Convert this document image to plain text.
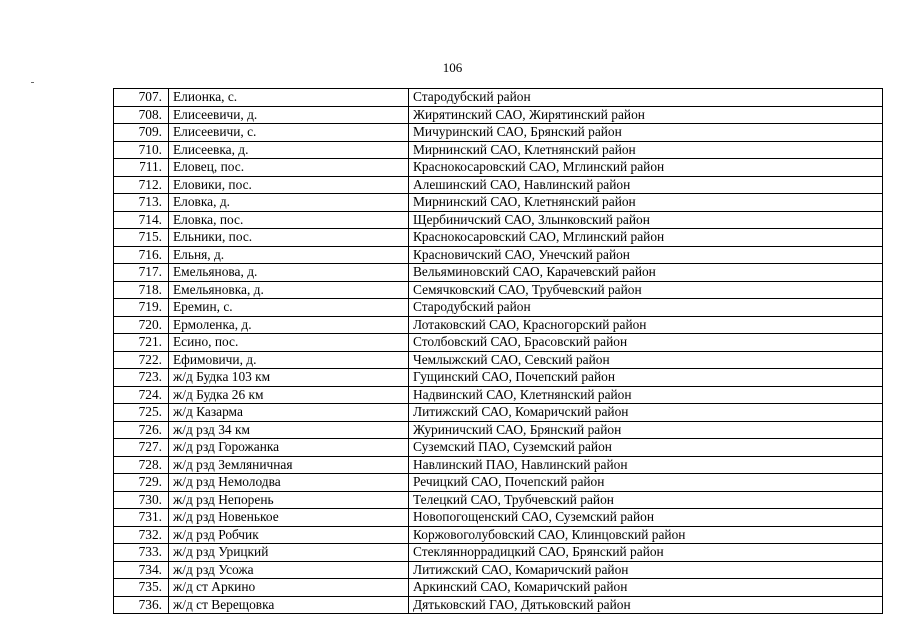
106
707.	Елионка, с.	Стародубский район
708.	Елисеевичи, д.	Жирятинский САО, Жирятинский район
709.	Елисеевичи, с.	Мичуринский САО, Брянский район
710.	Елисеевка, д.	Мирнинский САО, Клетнянский район
711.	Еловец, пос.	Краснокосаровский САО, Мглинский район
712.	Еловики, пос.	Алешинский САО, Навлинский район
713.	Еловка, д.	Мирнинский САО, Клетнянский район
714.	Еловка, пос.	Щербиничский САО, Злынковский район
715.	Ельники, пос.	Краснокосаровский САО, Мглинский район
716.	Ельня, д.	Красновичский САО, Унечский район
717.	Емельянова, д.	Вельяминовский САО, Карачевский район
718.	Емельяновка, д.	Семячковский САО, Трубчевский район
719.	Еремин, с.	Стародубский район
720.	Ермоленка, д.	Лотаковский САО, Красногорский район
721.	Есино, пос.	Столбовский САО, Брасовский район
722.	Ефимовичи, д.	Чемлыжский САО, Севский район
723.	ж/д Будка 103 км	Гущинский САО, Почепский район
724.	ж/д Будка 26 км	Надвинский САО, Клетнянский район
725.	ж/д Казарма	Литижский САО, Комаричский район
726.	ж/д рзд 34 км	Журиничский САО, Брянский район
727.	ж/д рзд Горожанка	Суземский ПАО, Суземский район
728.	ж/д рзд Земляничная	Навлинский ПАО, Навлинский район
729.	ж/д рзд Немолодва	Речицкий САО, Почепский район
730.	ж/д рзд Непорень	Телецкий САО, Трубчевский район
731.	ж/д рзд Новенькое	Новопогощенский САО, Суземский район
732.	ж/д рзд Робчик	Коржовоголубовский САО, Клинцовский район
733.	ж/д рзд Урицкий	Стеклянноррадицкий САО, Брянский район
734.	ж/д рзд Усожа	Литижский САО, Комаричский район
735.	ж/д ст Аркино	Аркинский САО, Комаричский район
736.	ж/д ст Верещовка	Дятьковский ГАО, Дятьковский район
